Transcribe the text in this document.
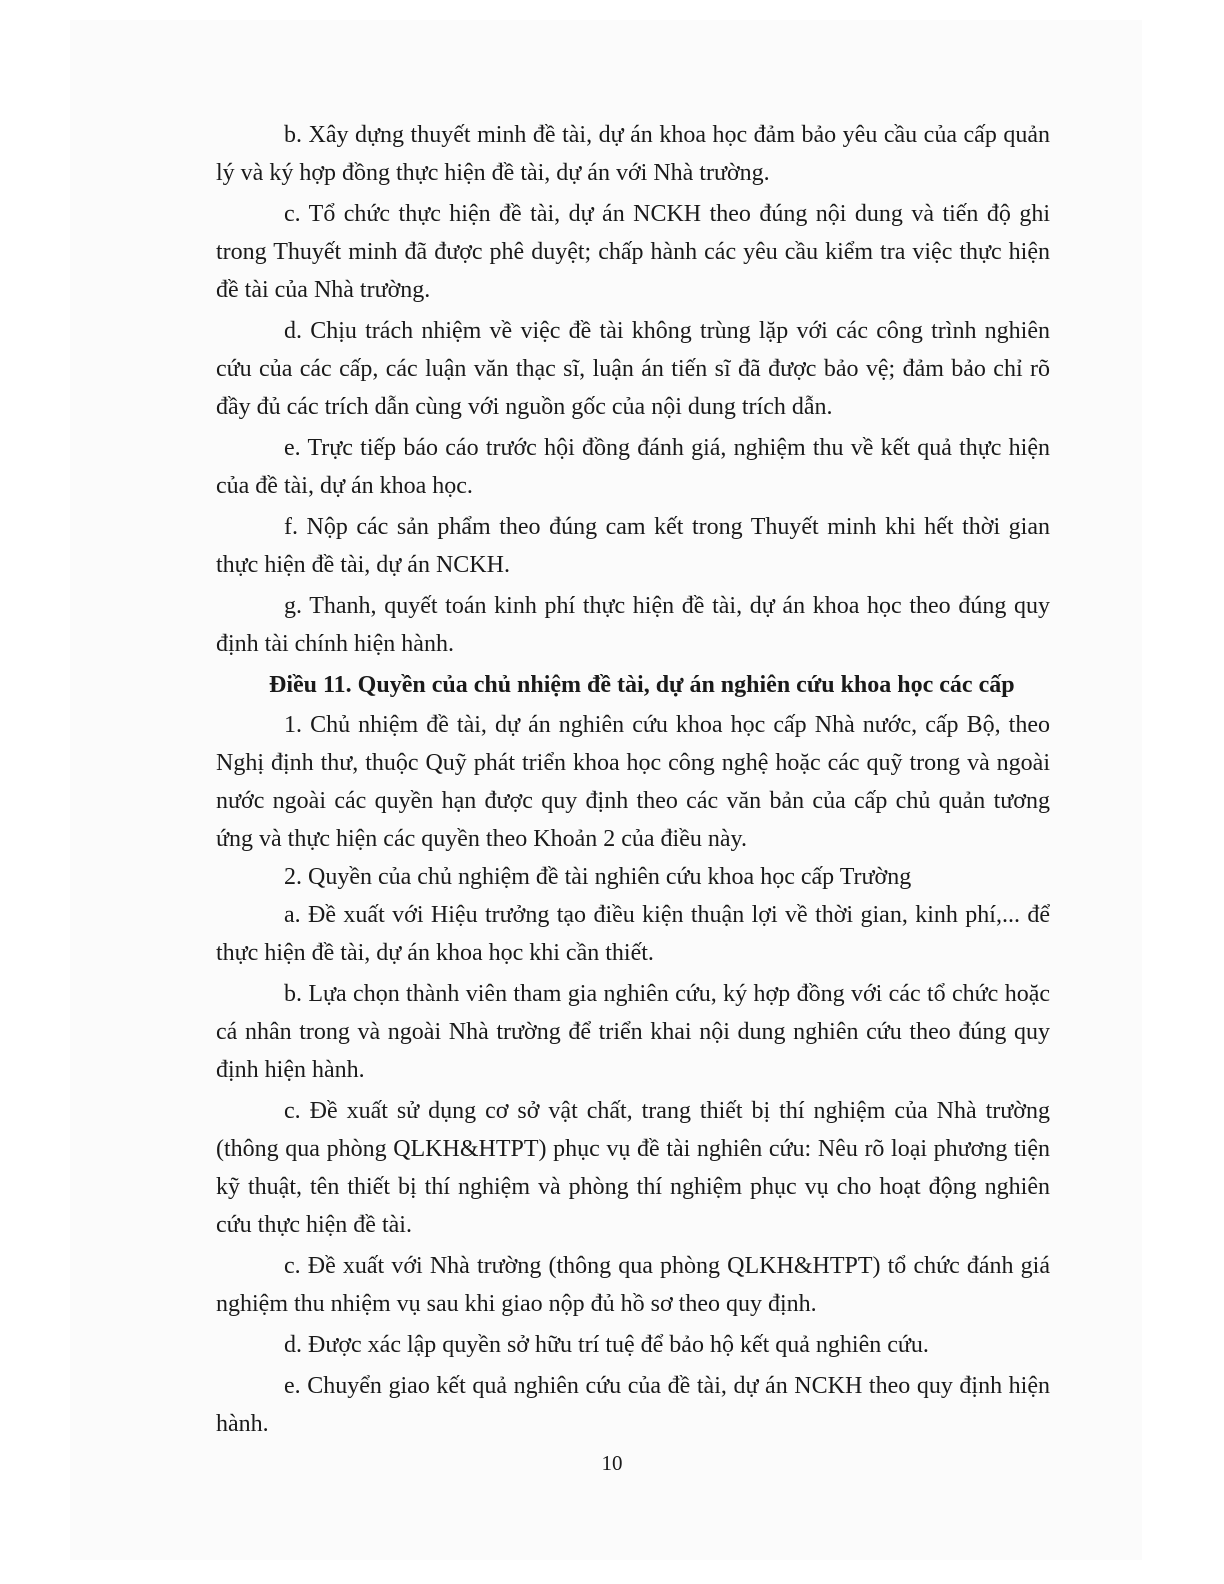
b. Xây dựng thuyết minh đề tài, dự án khoa học đảm bảo yêu cầu của cấp quản lý và ký hợp đồng thực hiện đề tài, dự án với Nhà trường.

c. Tổ chức thực hiện đề tài, dự án NCKH theo đúng nội dung và tiến độ ghi trong Thuyết minh đã được phê duyệt; chấp hành các yêu cầu kiểm tra việc thực hiện đề tài của Nhà trường.

d. Chịu trách nhiệm về việc đề tài không trùng lặp với các công trình nghiên cứu của các cấp, các luận văn thạc sĩ, luận án tiến sĩ đã được bảo vệ; đảm bảo chỉ rõ đầy đủ các trích dẫn cùng với nguồn gốc của nội dung trích dẫn.

e. Trực tiếp báo cáo trước hội đồng đánh giá, nghiệm thu về kết quả thực hiện của đề tài, dự án khoa học.

f. Nộp các sản phẩm theo đúng cam kết trong Thuyết minh khi hết thời gian thực hiện đề tài, dự án NCKH.

g. Thanh, quyết toán kinh phí thực hiện đề tài, dự án khoa học theo đúng quy định tài chính hiện hành.

Điều 11. Quyền của chủ nhiệm đề tài, dự án nghiên cứu khoa học các cấp

1. Chủ nhiệm đề tài, dự án nghiên cứu khoa học cấp Nhà nước, cấp Bộ, theo Nghị định thư, thuộc Quỹ phát triển khoa học công nghệ hoặc các quỹ trong và ngoài nước ngoài các quyền hạn được quy định theo các văn bản của cấp chủ quản tương ứng và thực hiện các quyền theo Khoản 2 của điều này.

2. Quyền của chủ nghiệm đề tài nghiên cứu khoa học cấp Trường

a. Đề xuất với Hiệu trưởng tạo điều kiện thuận lợi về thời gian, kinh phí,... để thực hiện đề tài, dự án khoa học khi cần thiết.

b. Lựa chọn thành viên tham gia nghiên cứu, ký hợp đồng với các tổ chức hoặc cá nhân trong và ngoài Nhà trường để triển khai nội dung nghiên cứu theo đúng quy định hiện hành.

c. Đề xuất sử dụng cơ sở vật chất, trang thiết bị thí nghiệm của Nhà trường (thông qua phòng QLKH&HTPT) phục vụ đề tài nghiên cứu: Nêu rõ loại phương tiện kỹ thuật, tên thiết bị thí nghiệm và phòng thí nghiệm phục vụ cho hoạt động nghiên cứu thực hiện đề tài.

c. Đề xuất với Nhà trường (thông qua phòng QLKH&HTPT) tổ chức đánh giá nghiệm thu nhiệm vụ sau khi giao nộp đủ hồ sơ theo quy định.

d. Được xác lập quyền sở hữu trí tuệ để bảo hộ kết quả nghiên cứu.

e. Chuyển giao kết quả nghiên cứu của đề tài, dự án NCKH theo quy định hiện hành.

10
